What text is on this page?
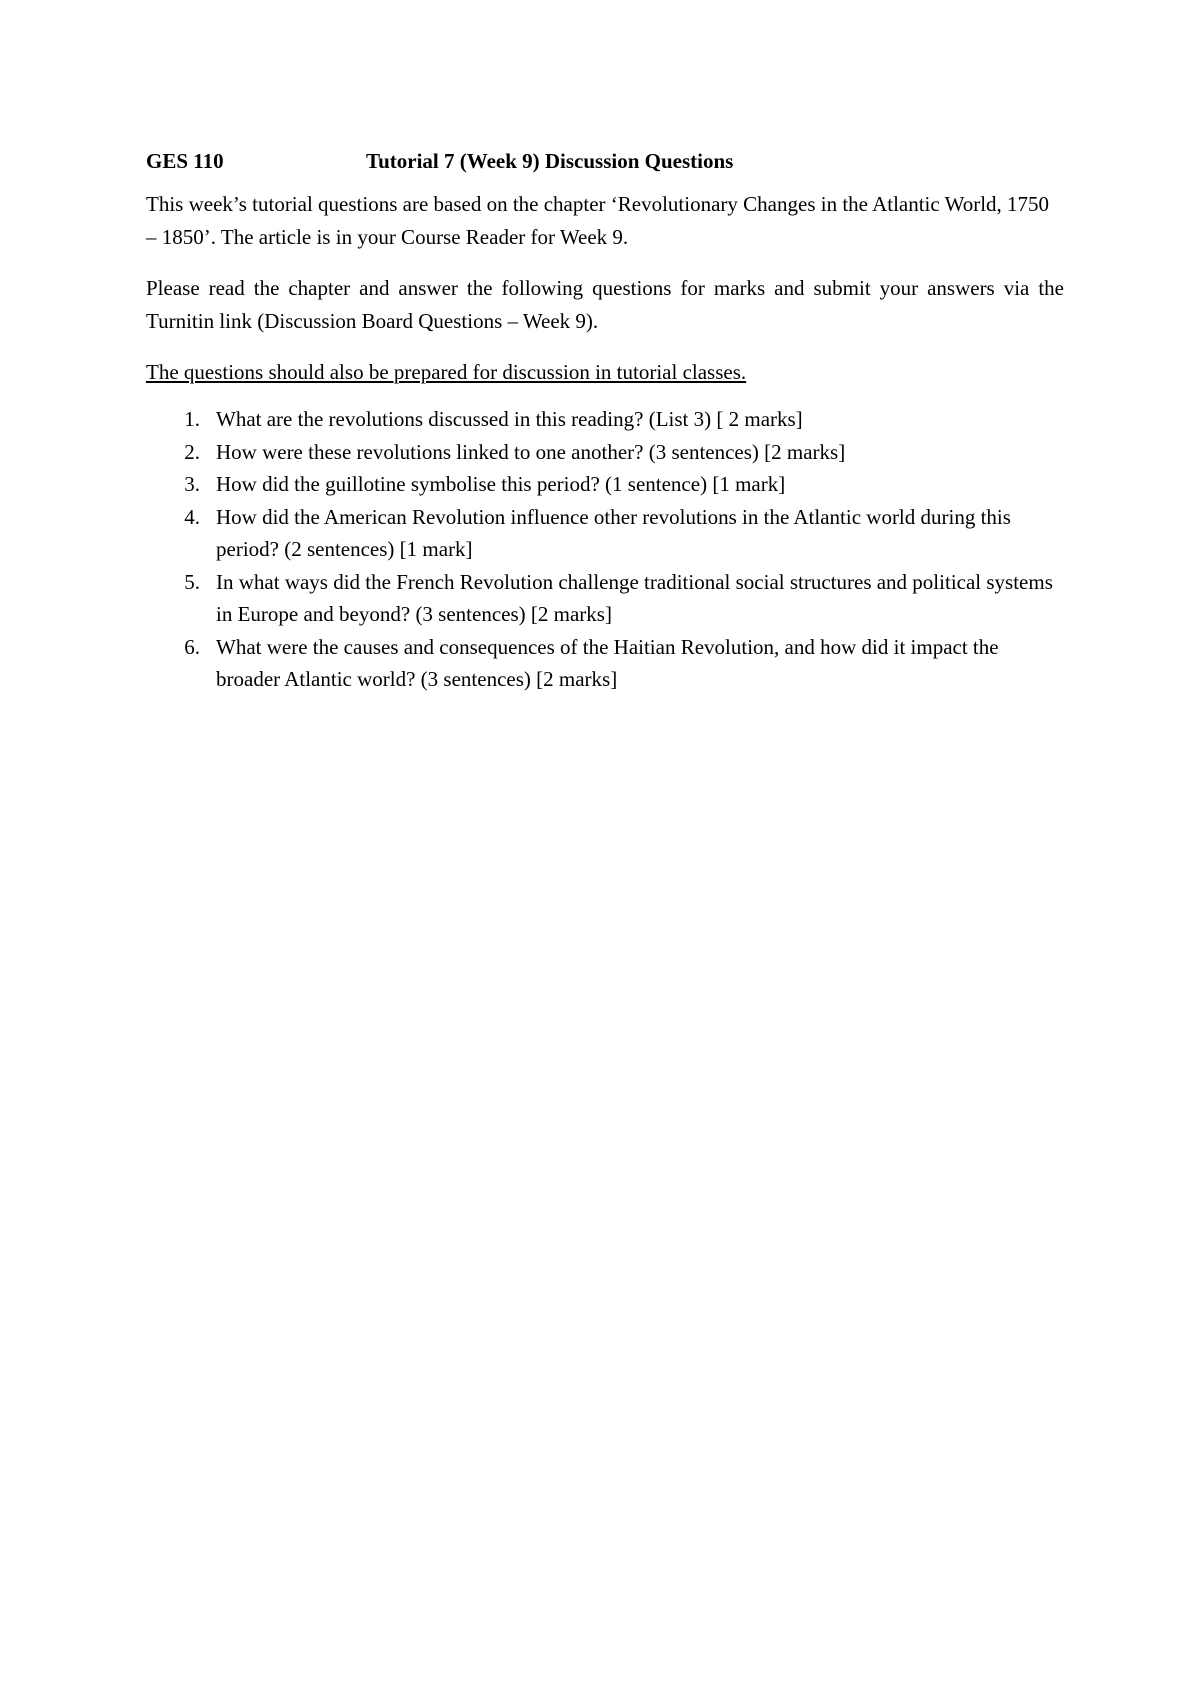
GES 110	Tutorial 7 (Week 9) Discussion Questions

This week’s tutorial questions are based on the chapter ‘Revolutionary Changes in the Atlantic World, 1750 – 1850’. The article is in your Course Reader for Week 9.

Please read the chapter and answer the following questions for marks and submit your answers via the Turnitin link (Discussion Board Questions – Week 9).

The questions should also be prepared for discussion in tutorial classes.

1. What are the revolutions discussed in this reading? (List 3) [ 2 marks]
2. How were these revolutions linked to one another? (3 sentences) [2 marks]
3. How did the guillotine symbolise this period? (1 sentence) [1 mark]
4. How did the American Revolution influence other revolutions in the Atlantic world during this period? (2 sentences) [1 mark]
5. In what ways did the French Revolution challenge traditional social structures and political systems in Europe and beyond? (3 sentences) [2 marks]
6. What were the causes and consequences of the Haitian Revolution, and how did it impact the broader Atlantic world? (3 sentences) [2 marks]
